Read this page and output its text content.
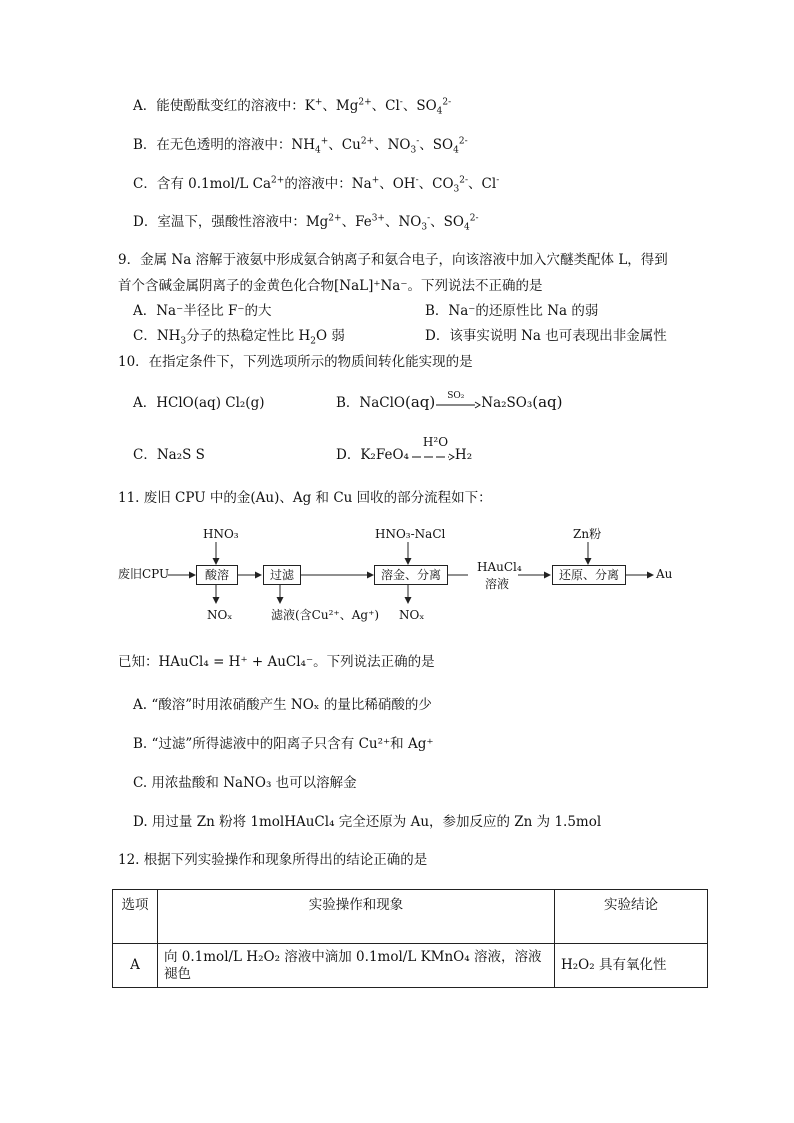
A．能使酚酞变红的溶液中：K+、$Mg^{2+}$、Cl-、$SO_4^{2-}$
B．在无色透明的溶液中：$NH_4^+$、$Cu^{2+}$、$NO_3^-$、$SO_4^{2-}$
C．含有 0.1mol/L $Ca^{2+}$的溶液中：Na+、OH-、$CO_3^{2-}$、Cl-
D．室温下，强酸性溶液中：$Mg^{2+}$、$Fe^{3+}$、$NO_3^-$、$SO_4^{2-}$
9．金属 Na 溶解于液氨中形成氨合钠离子和氨合电子，向该溶液中加入穴醚类配体 L，得到
首个含碱金属阴离子的金黄色化合物[NaL]⁺Na⁻。下列说法不正确的是
A．Na⁻半径比 F⁻的大	B．Na⁻的还原性比 Na 的弱
C．$NH_3$分子的热稳定性比 $H_2O$ 弱	D．该事实说明 Na 也可表现出非金属性
10．在指定条件下，下列选项所示的物质间转化能实现的是
A．HClO(aq) Cl₂(g)	B．NaClO(aq) SO₂ Na₂SO₃(aq)
C．Na₂S S	D．K₂FeO₄
H²O
H₂
11. 废旧 CPU 中的金(Au)、Ag 和 Cu 回收的部分流程如下：
废旧CPU
HNO₃
酸溶
NOₓ
过滤
滤液(含Cu²⁺、Ag⁺)
HNO₃-NaCl
溶金、分离
NOₓ
HAuCl₄
溶液
Zn粉
还原、分离	Au
已知：HAuCl₄ = H⁺ + AuCl₄⁻。下列说法正确的是
A. “酸溶”时用浓硝酸产生 NOₓ 的量比稀硝酸的少
B. “过滤”所得滤液中的阳离子只含有 Cu²⁺和 Ag⁺
C. 用浓盐酸和 NaNO₃ 也可以溶解金
D. 用过量 Zn 粉将 1molHAuCl₄ 完全还原为 Au，参加反应的 Zn 为 1.5mol
12. 根据下列实验操作和现象所得出的结论正确的是
选项	实验操作和现象	实验结论
A	向 0.1mol/L H₂O₂ 溶液中滴加 0.1mol/L KMnO₄ 溶液，溶液褪色	H₂O₂ 具有氧化性
